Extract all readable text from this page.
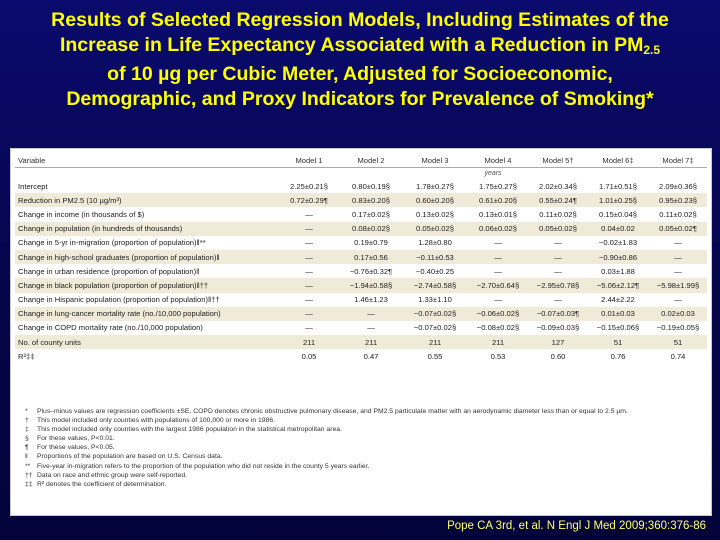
Results of Selected Regression Models, Including Estimates of the
Increase in Life Expectancy Associated with a Reduction in $PM_{2.5}$
of 10 µg per Cubic Meter, Adjusted for Socioeconomic,
Demographic, and Proxy Indicators for Prevalence of Smoking*
Variable	Model 1	Model 2	Model 3	Model 4	Model 5†	Model 6‡	Model 7‡
	years						
Intercept	2.25±0.21§	0.80±0.19§	1.78±0.27§	1.75±0.27§	2.02±0.34§	1.71±0.51§	2.09±0.36§
Reduction in PM2.5 (10 µg/m³)	0.72±0.29¶	0.83±0.20§	0.60±0.20§	0.61±0.20§	0.55±0.24¶	1.01±0.25§	0.95±0.23§
Change in income (in thousands of $)	—	0.17±0.02§	0.13±0.02§	0.13±0.01§	0.11±0.02§	0.15±0.04§	0.11±0.02§
Change in population (in hundreds of thousands)	—	0.08±0.02§	0.05±0.02§	0.06±0.02§	0.05±0.02§	0.04±0.02	0.05±0.02¶
Change in 5-yr in-migration (proportion of population)‖**	—	0.19±0.79	1.28±0.80	—	—	−0.02±1.83	—
Change in high-school graduates (proportion of population)‖	—	0.17±0.56	−0.11±0.53	—	—	−0.90±0.86	—
Change in urban residence (proportion of population)‖	—	−0.76±0.32¶	−0.40±0.25	—	—	0.03±1.88	—
Change in black population (proportion of population)‖††	—	−1.94±0.58§	−2.74±0.58§	−2.70±0.64§	−2.95±0.78§	−5.06±2.12¶	−5.98±1.99§
Change in Hispanic population (proportion of population)‖††	—	1.46±1.23	1.33±1.10	—	—	2.44±2.22	—
Change in lung-cancer mortality rate (no./10,000 population)	—	—	−0.07±0.02§	−0.06±0.02§	−0.07±0.03¶	0.01±0.03	0.02±0.03
Change in COPD mortality rate (no./10,000 population)	—	—	−0.07±0.02§	−0.08±0.02§	−0.09±0.03§	−0.15±0.06§	−0.19±0.05§
No. of county units	211	211	211	211	127	51	51
R²‡‡	0.05	0.47	0.55	0.53	0.60	0.76	0.74
* Plus–minus values are regression coefficients ±SE. COPD denotes chronic obstructive pulmonary disease, and PM2.5 particulate matter with an aerodynamic diameter less than or equal to 2.5 µm.
† This model included only counties with populations of 100,000 or more in 1986.
‡ This model included only counties with the largest 1986 population in the statistical metropolitan area.
§ For these values, P<0.01.
¶ For these values, P<0.05.
‖ Proportions of the population are based on U.S. Census data.
** Five-year in-migration refers to the proportion of the population who did not reside in the county 5 years earlier.
†† Data on race and ethnic group were self-reported.
‡‡ R² denotes the coefficient of determination.
Pope CA 3rd, et al. N Engl J Med 2009;360:376-86
